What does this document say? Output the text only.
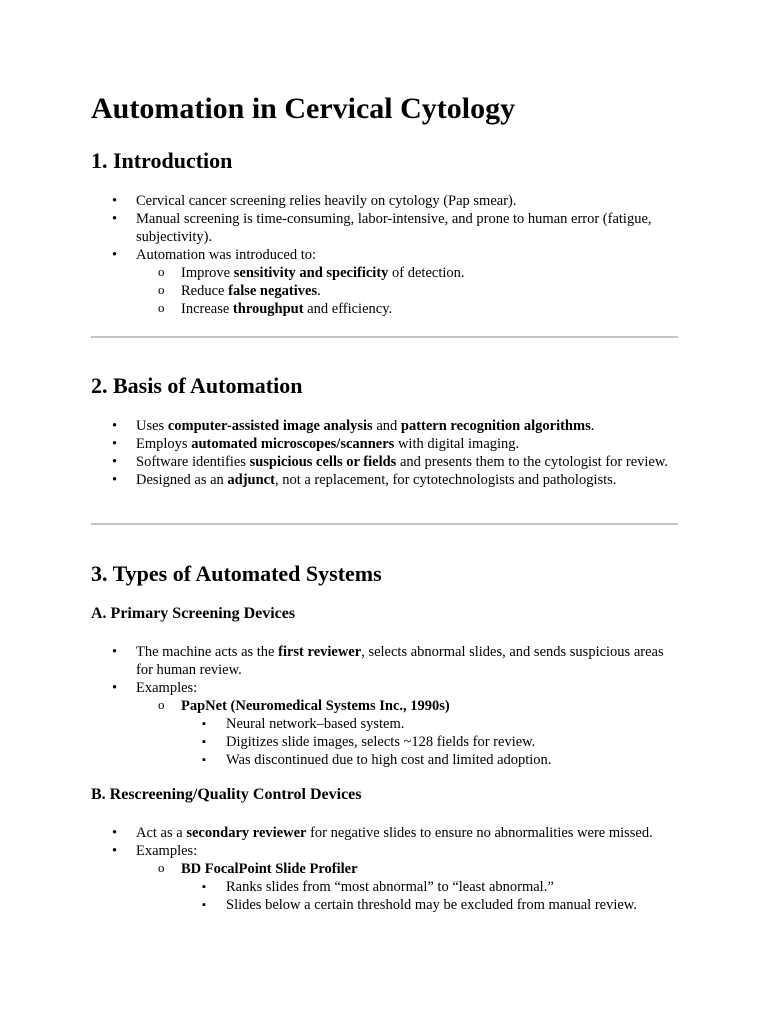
Automation in Cervical Cytology
1. Introduction
• Cervical cancer screening relies heavily on cytology (Pap smear).
• Manual screening is time-consuming, labor-intensive, and prone to human error (fatigue, subjectivity).
• Automation was introduced to:
o Improve sensitivity and specificity of detection.
o Reduce false negatives.
o Increase throughput and efficiency.
2. Basis of Automation
• Uses computer-assisted image analysis and pattern recognition algorithms.
• Employs automated microscopes/scanners with digital imaging.
• Software identifies suspicious cells or fields and presents them to the cytologist for review.
• Designed as an adjunct, not a replacement, for cytotechnologists and pathologists.
3. Types of Automated Systems
A. Primary Screening Devices
• The machine acts as the first reviewer, selects abnormal slides, and sends suspicious areas for human review.
• Examples:
o PapNet (Neuromedical Systems Inc., 1990s)
▪ Neural network–based system.
▪ Digitizes slide images, selects ~128 fields for review.
▪ Was discontinued due to high cost and limited adoption.
B. Rescreening/Quality Control Devices
• Act as a secondary reviewer for negative slides to ensure no abnormalities were missed.
• Examples:
o BD FocalPoint Slide Profiler
▪ Ranks slides from “most abnormal” to “least abnormal.”
▪ Slides below a certain threshold may be excluded from manual review.
